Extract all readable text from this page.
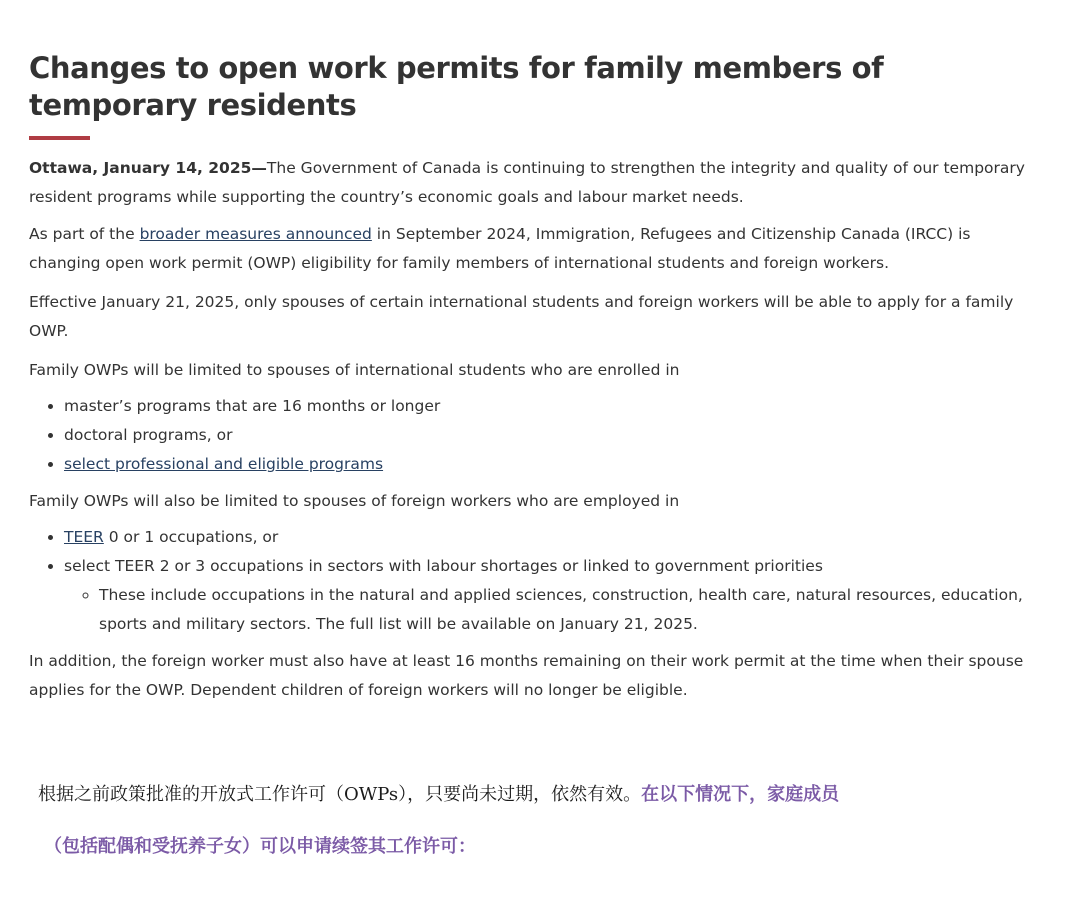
Changes to open work permits for family members of temporary residents

Ottawa, January 14, 2025—The Government of Canada is continuing to strengthen the integrity and quality of our temporary resident programs while supporting the country’s economic goals and labour market needs.

As part of the broader measures announced in September 2024, Immigration, Refugees and Citizenship Canada (IRCC) is changing open work permit (OWP) eligibility for family members of international students and foreign workers.

Effective January 21, 2025, only spouses of certain international students and foreign workers will be able to apply for a family OWP.

Family OWPs will be limited to spouses of international students who are enrolled in

• master’s programs that are 16 months or longer
• doctoral programs, or
• select professional and eligible programs

Family OWPs will also be limited to spouses of foreign workers who are employed in

• TEER 0 or 1 occupations, or
• select TEER 2 or 3 occupations in sectors with labour shortages or linked to government priorities
◦ These include occupations in the natural and applied sciences, construction, health care, natural resources, education, sports and military sectors. The full list will be available on January 21, 2025.

In addition, the foreign worker must also have at least 16 months remaining on their work permit at the time when their spouse applies for the OWP. Dependent children of foreign workers will no longer be eligible.

根据之前政策批准的开放式工作许可（OWPs），只要尚未过期，依然有效。在以下情况下，家庭成员
（包括配偶和受抚养子女）可以申请续签其工作许可：
